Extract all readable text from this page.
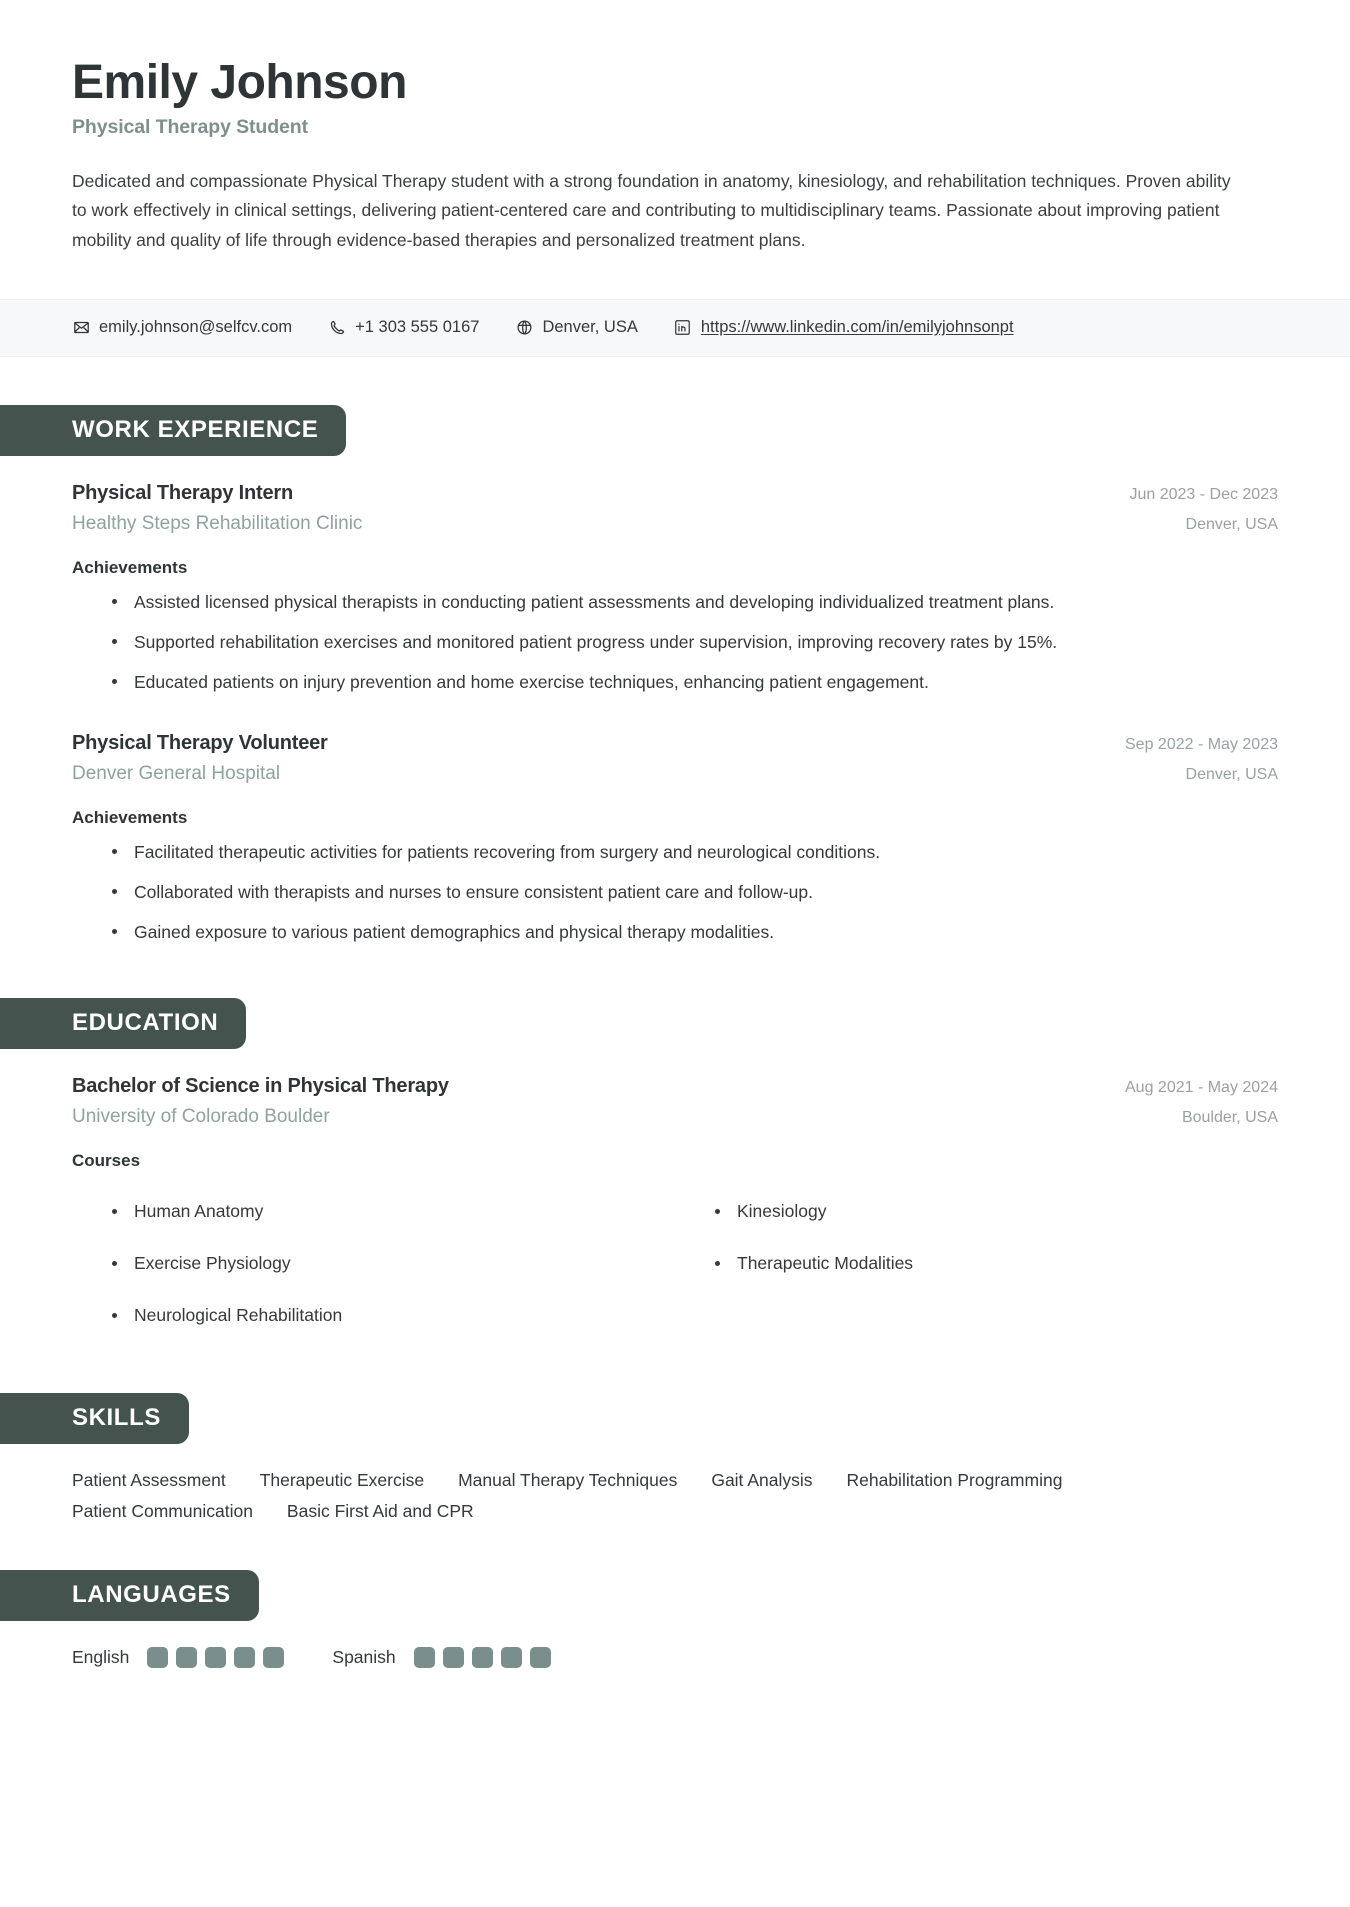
Emily Johnson
Physical Therapy Student

Dedicated and compassionate Physical Therapy student with a strong foundation in anatomy, kinesiology, and rehabilitation techniques. Proven ability to work effectively in clinical settings, delivering patient-centered care and contributing to multidisciplinary teams. Passionate about improving patient mobility and quality of life through evidence-based therapies and personalized treatment plans.

emily.johnson@selfcv.com	+1 303 555 0167	Denver, USA	https://www.linkedin.com/in/emilyjohnsonpt
WORK EXPERIENCE
Physical Therapy Intern	Jun 2023 - Dec 2023
Healthy Steps Rehabilitation Clinic	Denver, USA
Achievements
Assisted licensed physical therapists in conducting patient assessments and developing individualized treatment plans.
Supported rehabilitation exercises and monitored patient progress under supervision, improving recovery rates by 15%.
Educated patients on injury prevention and home exercise techniques, enhancing patient engagement.
Physical Therapy Volunteer	Sep 2022 - May 2023
Denver General Hospital	Denver, USA
Achievements
Facilitated therapeutic activities for patients recovering from surgery and neurological conditions.
Collaborated with therapists and nurses to ensure consistent patient care and follow-up.
Gained exposure to various patient demographics and physical therapy modalities.
EDUCATION
Bachelor of Science in Physical Therapy	Aug 2021 - May 2024
University of Colorado Boulder	Boulder, USA
Courses
Human Anatomy	Kinesiology
Exercise Physiology	Therapeutic Modalities
Neurological Rehabilitation
SKILLS
Patient Assessment Therapeutic Exercise Manual Therapy Techniques Gait Analysis Rehabilitation Programming
Patient Communication Basic First Aid and CPR
LANGUAGES
English	Spanish
